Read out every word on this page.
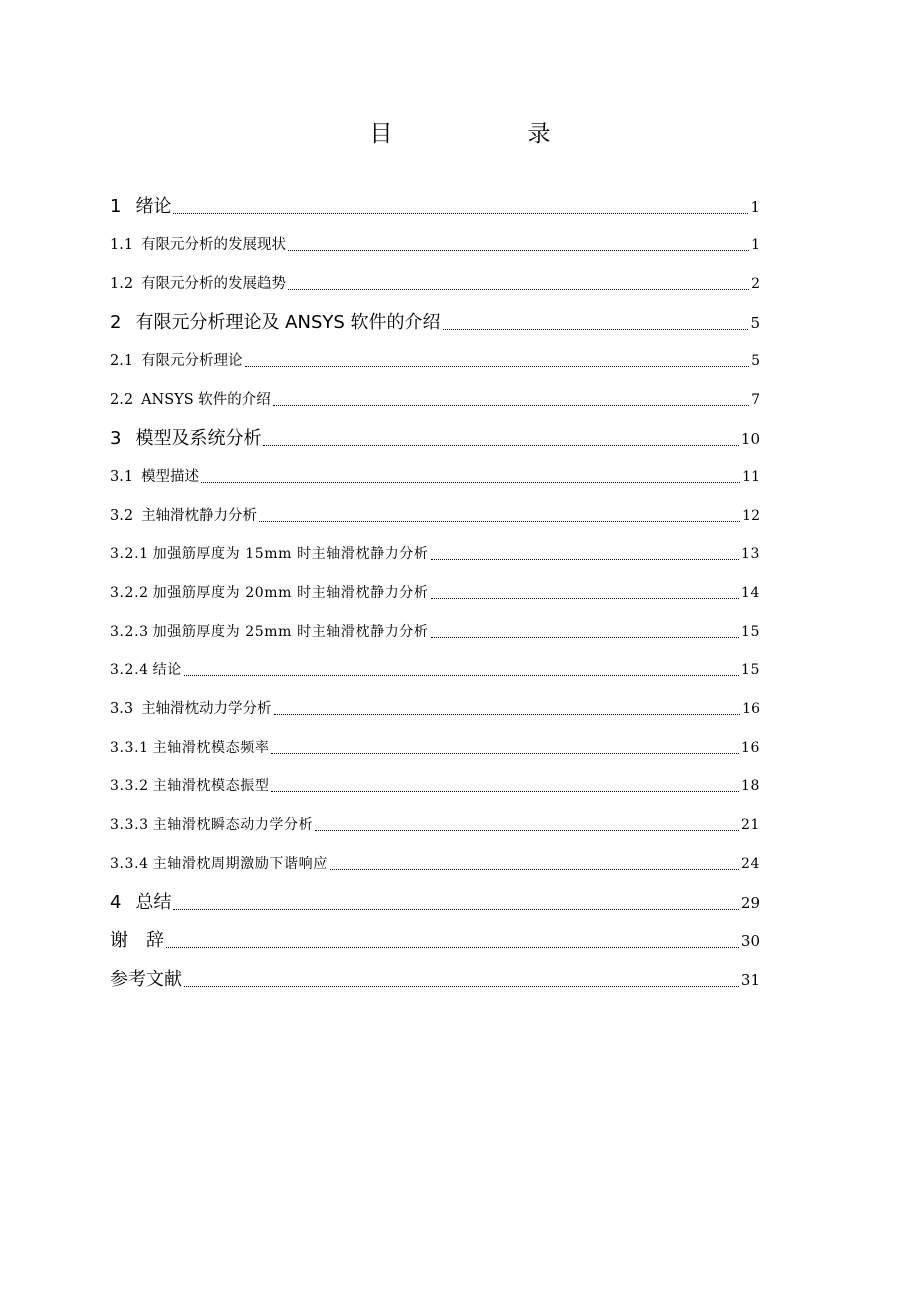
目　录
1 绪论	1
1.1 有限元分析的发展现状	1
1.2 有限元分析的发展趋势	2
2 有限元分析理论及 ANSYS 软件的介绍	5
2.1 有限元分析理论	5
2.2 ANSYS 软件的介绍	7
3 模型及系统分析	10
3.1 模型描述	11
3.2 主轴滑枕静力分析	12
3.2.1 加强筋厚度为 15mm 时主轴滑枕静力分析	13
3.2.2 加强筋厚度为 20mm 时主轴滑枕静力分析	14
3.2.3 加强筋厚度为 25mm 时主轴滑枕静力分析	15
3.2.4 结论	15
3.3 主轴滑枕动力学分析	16
3.3.1 主轴滑枕模态频率	16
3.3.2 主轴滑枕模态振型	18
3.3.3 主轴滑枕瞬态动力学分析	21
3.3.4 主轴滑枕周期激励下谐响应	24
4 总结	29
谢　辞	30
参考文献	31
